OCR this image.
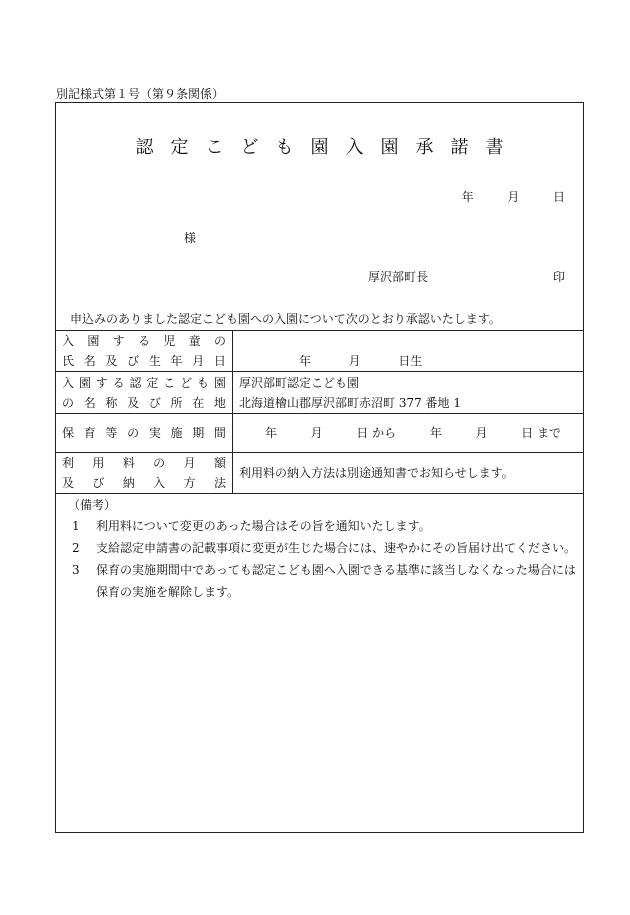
別記様式第１号（第９条関係）
認定こども園入園承諾書
年	月	日
様
厚沢部町長	印
申込みのありました認定こども園への入園について次のとおり承認いたします。
入 園 す る 児 童 の
氏 名 及 び 生 年 月 日
	年	月	日生
入 園 す る 認 定 こ ど も 園
の 名 称 及 び 所 在 地
厚沢部町認定こども園
北海道檜山郡厚沢部町赤沼町 377 番地 1
保 育 等 の 実 施 期 間	年	月	日 から	年	月	日 まで
利 用 料 の 月 額
及 び 納 入 方 法
利用料の納入方法は別途通知書でお知らせします。
（備考）
1	利用料について変更のあった場合はその旨を通知いたします。
2	支給認定申請書の記載事項に変更が生じた場合には、速やかにその旨届け出てください。
3	保育の実施期間中であっても認定こども園へ入園できる基準に該当しなくなった場合には保育の実施を解除します。
